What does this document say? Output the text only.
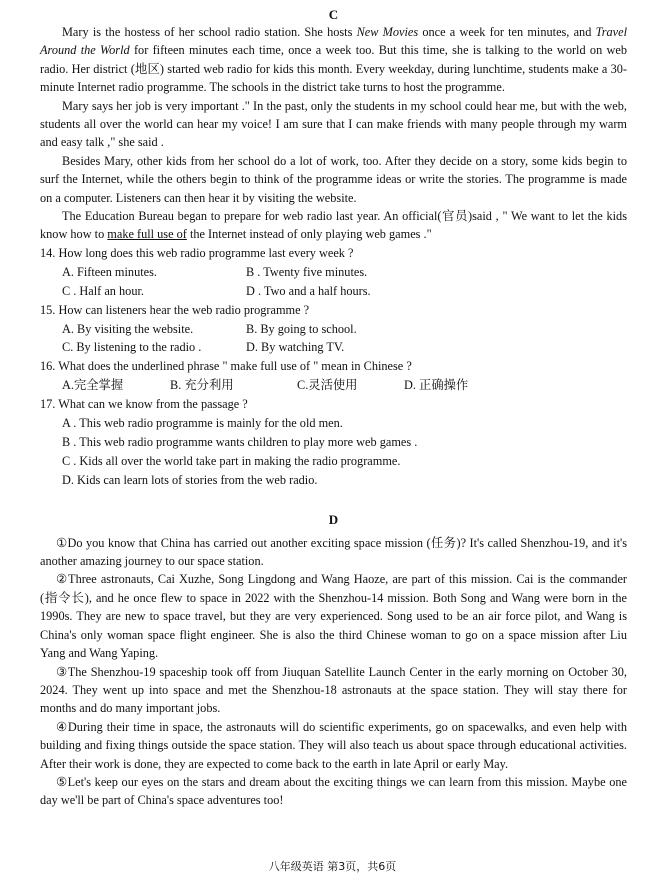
C

Mary is the hostess of her school radio station. She hosts New Movies once a week for ten minutes, and Travel Around the World for fifteen minutes each time, once a week too. But this time, she is talking to the world on web radio. Her district (地区) started web radio for kids this month. Every weekday, during lunchtime, students make a 30-minute Internet radio programme. The schools in the district take turns to host the programme.

Mary says her job is very important ." In the past, only the students in my school could hear me, but with the web, students all over the world can hear my voice! I am sure that I can make friends with many people through my warm and easy talk ," she said .

Besides Mary, other kids from her school do a lot of work, too. After they decide on a story, some kids begin to surf the Internet, while the others begin to think of the programme ideas or write the stories. The programme is made on a computer. Listeners can then hear it by visiting the website.

The Education Bureau began to prepare for web radio last year. An official(官员)said , " We want to let the kids know how to make full use of the Internet instead of only playing web games ."

14. How long does this web radio programme last every week ?

A. Fifteen minutes.	B . Twenty five minutes.
C . Half an hour.	D . Two and a half hours.

15. How can listeners hear the web radio programme ?

A. By visiting the website.	B. By going to school.
C. By listening to the radio .	D. By watching TV.

16. What does the underlined phrase " make full use of " mean in Chinese ?

A.完全掌握	B. 充分利用	C.灵活使用	D. 正确操作

17. What can we know from the passage ?

A . This web radio programme is mainly for the old men.
B . This web radio programme wants children to play more web games .
C . Kids all over the world take part in making the radio programme.
D. Kids can learn lots of stories from the web radio.
D

①Do you know that China has carried out another exciting space mission (任务)? It's called Shenzhou-19, and it's another amazing journey to our space station.

②Three astronauts, Cai Xuzhe, Song Lingdong and Wang Haoze, are part of this mission. Cai is the commander (指令长), and he once flew to space in 2022 with the Shenzhou-14 mission. Both Song and Wang were born in the 1990s. They are new to space travel, but they are very experienced. Song used to be an air force pilot, and Wang is China's only woman space flight engineer. She is also the third Chinese woman to go on a space mission after Liu Yang and Wang Yaping.

③The Shenzhou-19 spaceship took off from Jiuquan Satellite Launch Center in the early morning on October 30, 2024. They went up into space and met the Shenzhou-18 astronauts at the space station. They will stay there for months and do many important jobs.

④During their time in space, the astronauts will do scientific experiments, go on spacewalks, and even help with building and fixing things outside the space station. They will also teach us about space through educational activities. After their work is done, they are expected to come back to the earth in late April or early May.

⑤Let's keep our eyes on the stars and dream about the exciting things we can learn from this mission. Maybe one day we'll be part of China's space adventures too!

八年级英语 第3页，共6页
